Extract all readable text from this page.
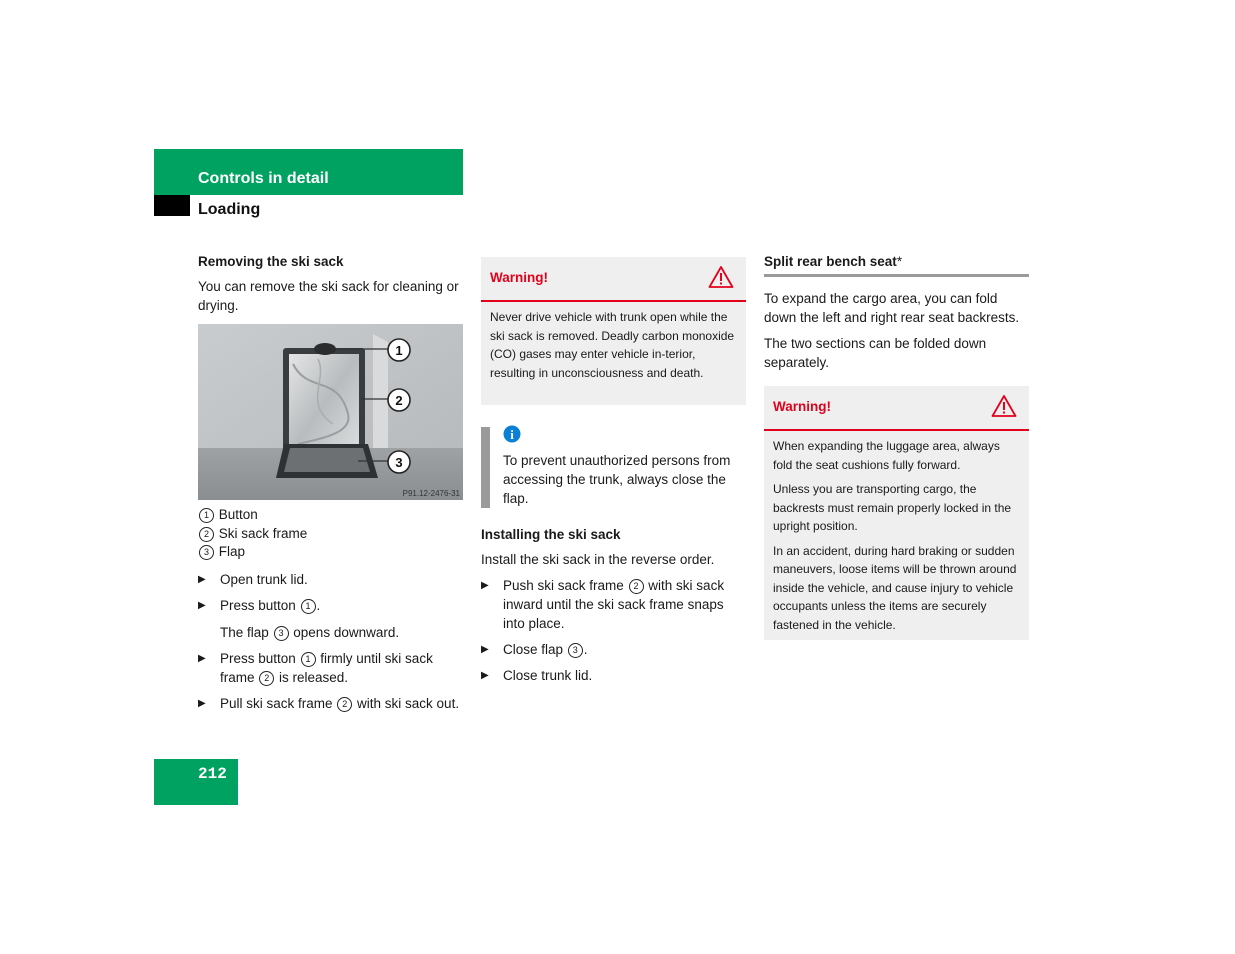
Controls in detail
Loading
Removing the ski sack

You can remove the ski sack for cleaning or drying.

1
2
3
P91.12-2476-31
1 Button
2 Ski sack frame
3 Flap
▶ Open trunk lid.
▶ Press button 1 .
The flap 3 opens downward.
▶ Press button 1 firmly until ski sack frame 2 is released.
▶ Pull ski sack frame 2 with ski sack out.
Warning!
Never drive vehicle with trunk open while the ski sack is removed. Deadly carbon monoxide (CO) gases may enter vehicle in-terior, resulting in unconsciousness and death.
i

To prevent unauthorized persons from accessing the trunk, always close the flap.

Installing the ski sack

Install the ski sack in the reverse order.

▶ Push ski sack frame 2 with ski sack inward until the ski sack frame snaps into place.
▶ Close flap 3 .
▶ Close trunk lid.
Split rear bench seat*

To expand the cargo area, you can fold down the left and right rear seat backrests.

The two sections can be folded down separately.

Warning!

When expanding the luggage area, always fold the seat cushions fully forward.

Unless you are transporting cargo, the backrests must remain properly locked in the upright position.

In an accident, during hard braking or sudden maneuvers, loose items will be thrown around inside the vehicle, and cause injury to vehicle occupants unless the items are securely fastened in the vehicle.

212
